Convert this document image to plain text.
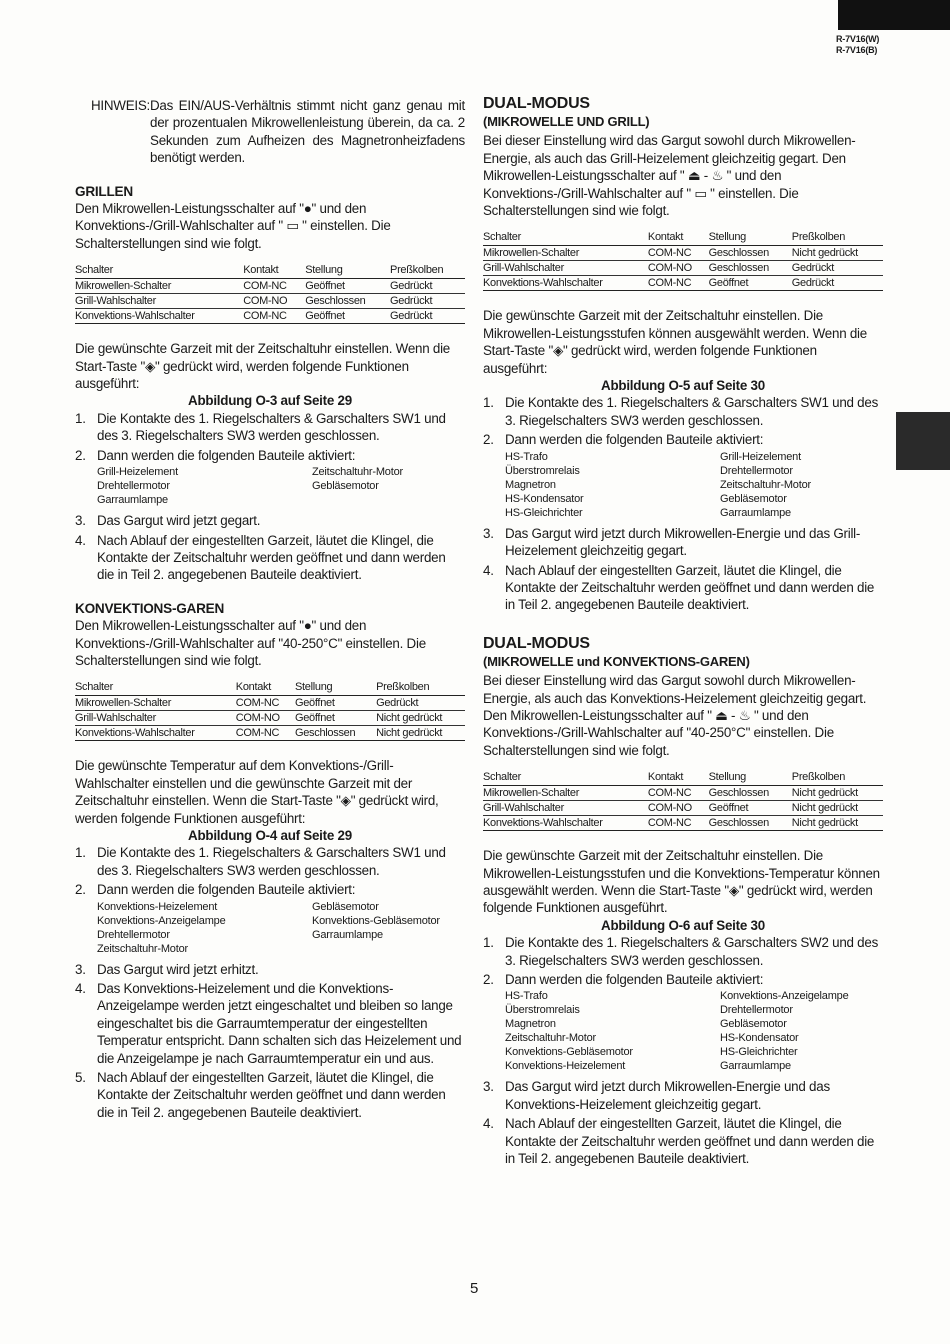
R-7V16(W)
R-7V16(B)
HINWEIS: Das EIN/AUS-Verhältnis stimmt nicht ganz genau mit der prozentualen Mikrowellenleistung überein, da ca. 2 Sekunden zum Aufheizen des Magnetronheizfadens benötigt werden.

GRILLEN

Den Mikrowellen-Leistungsschalter auf "●" und den Konvektions-/Grill-Wahlschalter auf " ▭ " einstellen. Die Schalterstellungen sind wie folgt.

Schalter	Kontakt	Stellung	Preßkolben
Mikrowellen-Schalter	COM-NC	Geöffnet	Gedrückt
Grill-Wahlschalter	COM-NO	Geschlossen	Gedrückt
Konvektions-Wahlschalter	COM-NC	Geöffnet	Gedrückt

Die gewünschte Garzeit mit der Zeitschaltuhr einstellen. Wenn die Start-Taste "◈" gedrückt wird, werden folgende Funktionen ausgeführt:

Abbildung O-3 auf Seite 29

1. Die Kontakte des 1. Riegelschalters & Garschalters SW1 und des 3. Riegelschalters SW3 werden geschlossen.
2. Dann werden die folgenden Bauteile aktiviert:
Grill-Heizelement	Zeitschaltuhr-Motor
Drehtellermotor	Gebläsemotor
Garraumlampe
3. Das Gargut wird jetzt gegart.
4. Nach Ablauf der eingestellten Garzeit, läutet die Klingel, die Kontakte der Zeitschaltuhr werden geöffnet und dann werden die in Teil 2. angegebenen Bauteile deaktiviert.

KONVEKTIONS-GAREN

Den Mikrowellen-Leistungsschalter auf "●" und den Konvektions-/Grill-Wahlschalter auf "40-250°C" einstellen. Die Schalterstellungen sind wie folgt.

Schalter	Kontakt	Stellung	Preßkolben
Mikrowellen-Schalter	COM-NC	Geöffnet	Gedrückt
Grill-Wahlschalter	COM-NO	Geöffnet	Nicht gedrückt
Konvektions-Wahlschalter	COM-NC	Geschlossen	Nicht gedrückt

Die gewünschte Temperatur auf dem Konvektions-/Grill-Wahlschalter einstellen und die gewünschte Garzeit mit der Zeitschaltuhr einstellen. Wenn die Start-Taste "◈" gedrückt wird, werden folgende Funktionen ausgeführt:

Abbildung O-4 auf Seite 29

1. Die Kontakte des 1. Riegelschalters & Garschalters SW1 und des 3. Riegelschalters SW3 werden geschlossen.
2. Dann werden die folgenden Bauteile aktiviert:
Konvektions-Heizelement	Gebläsemotor
Konvektions-Anzeigelampe	Konvektions-Gebläsemotor
Drehtellermotor	Garraumlampe
Zeitschaltuhr-Motor
3. Das Gargut wird jetzt erhitzt.
4. Das Konvektions-Heizelement und die Konvektions-Anzeigelampe werden jetzt eingeschaltet und bleiben so lange eingeschaltet bis die Garraumtemperatur der eingestellten Temperatur entspricht. Dann schalten sich das Heizelement und die Anzeigelampe je nach Garraumtemperatur ein und aus.
5. Nach Ablauf der eingestellten Garzeit, läutet die Klingel, die Kontakte der Zeitschaltuhr werden geöffnet und dann werden die in Teil 2. angegebenen Bauteile deaktiviert.

DUAL-MODUS

(MIKROWELLE UND GRILL)

Bei dieser Einstellung wird das Gargut sowohl durch Mikrowellen-Energie, als auch das Grill-Heizelement gleichzeitig gegart. Den Mikrowellen-Leistungsschalter auf " ⏏ - ♨ " und den Konvektions-/Grill-Wahlschalter auf " ▭ " einstellen. Die Schalterstellungen sind wie folgt.

Schalter	Kontakt	Stellung	Preßkolben
Mikrowellen-Schalter	COM-NC	Geschlossen	Nicht gedrückt
Grill-Wahlschalter	COM-NO	Geschlossen	Gedrückt
Konvektions-Wahlschalter	COM-NC	Geöffnet	Gedrückt

Die gewünschte Garzeit mit der Zeitschaltuhr einstellen. Die Mikrowellen-Leistungsstufen können ausgewählt werden. Wenn die Start-Taste "◈" gedrückt wird, werden folgende Funktionen ausgeführt:

Abbildung O-5 auf Seite 30

1. Die Kontakte des 1. Riegelschalters & Garschalters SW1 und des 3. Riegelschalters SW3 werden geschlossen.
2. Dann werden die folgenden Bauteile aktiviert:
HS-Trafo	Grill-Heizelement
Überstromrelais	Drehtellermotor
Magnetron	Zeitschaltuhr-Motor
HS-Kondensator	Gebläsemotor
HS-Gleichrichter	Garraumlampe
3. Das Gargut wird jetzt durch Mikrowellen-Energie und das Grill-Heizelement gleichzeitig gegart.
4. Nach Ablauf der eingestellten Garzeit, läutet die Klingel, die Kontakte der Zeitschaltuhr werden geöffnet und dann werden die in Teil 2. angegebenen Bauteile deaktiviert.

DUAL-MODUS

(MIKROWELLE und KONVEKTIONS-GAREN)

Bei dieser Einstellung wird das Gargut sowohl durch Mikrowellen-Energie, als auch das Konvektions-Heizelement gleichzeitig gegart. Den Mikrowellen-Leistungsschalter auf " ⏏ - ♨ " und den Konvektions-/Grill-Wahlschalter auf "40-250°C" einstellen. Die Schalterstellungen sind wie folgt.

Schalter	Kontakt	Stellung	Preßkolben
Mikrowellen-Schalter	COM-NC	Geschlossen	Nicht gedrückt
Grill-Wahlschalter	COM-NO	Geöffnet	Nicht gedrückt
Konvektions-Wahlschalter	COM-NC	Geschlossen	Nicht gedrückt

Die gewünschte Garzeit mit der Zeitschaltuhr einstellen. Die Mikrowellen-Leistungsstufen und die Konvektions-Temperatur können ausgewählt werden. Wenn die Start-Taste "◈" gedrückt wird, werden folgende Funktionen ausgeführt.

Abbildung O-6 auf Seite 30

1. Die Kontakte des 1. Riegelschalters & Garschalters SW2 und des 3. Riegelschalters SW3 werden geschlossen.
2. Dann werden die folgenden Bauteile aktiviert:
HS-Trafo	Konvektions-Anzeigelampe
Überstromrelais	Drehtellermotor
Magnetron	Gebläsemotor
Zeitschaltuhr-Motor	HS-Kondensator
Konvektions-Gebläsemotor	HS-Gleichrichter
Konvektions-Heizelement	Garraumlampe
3. Das Gargut wird jetzt durch Mikrowellen-Energie und das Konvektions-Heizelement gleichzeitig gegart.
4. Nach Ablauf der eingestellten Garzeit, läutet die Klingel, die Kontakte der Zeitschaltuhr werden geöffnet und dann werden die in Teil 2. angegebenen Bauteile deaktiviert.
5
